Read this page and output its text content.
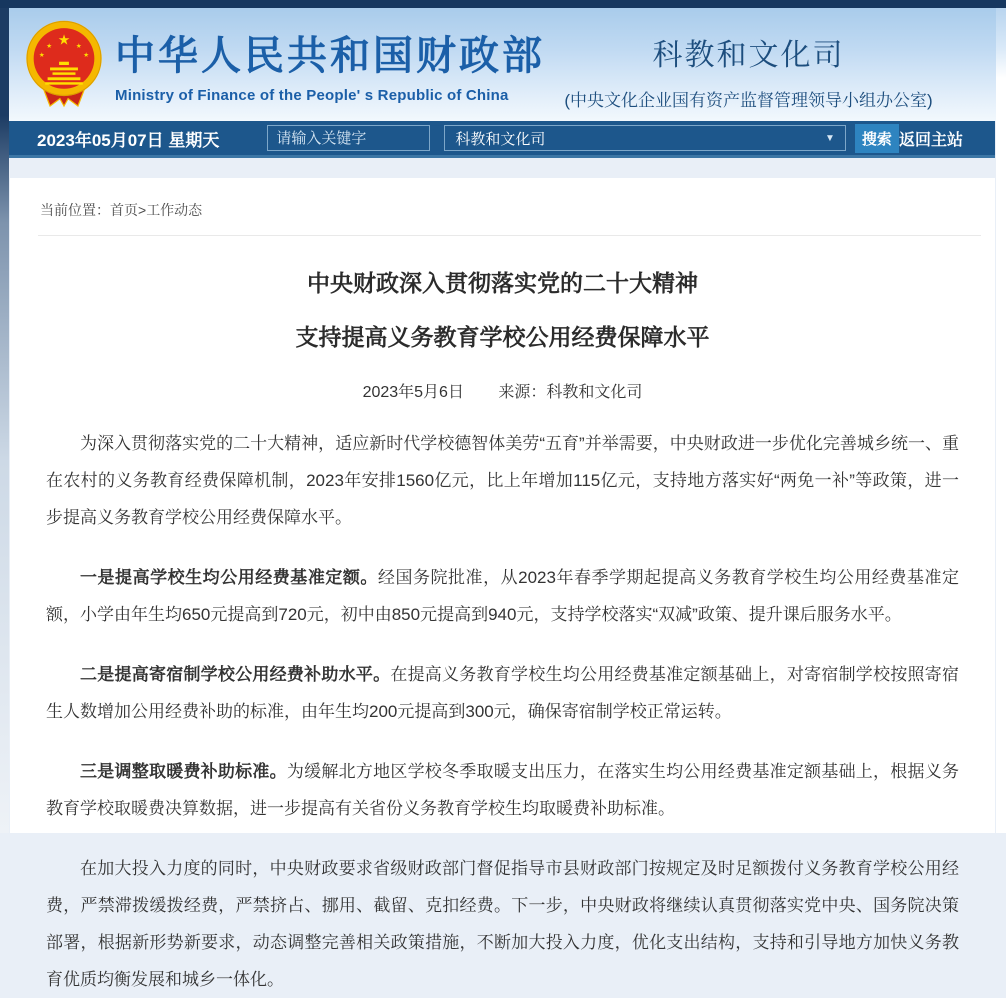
★
★
★
★
★ 中华人民共和国财政部
Ministry of Finance of the People' s Republic of China
科教和文化司
(中央文化企业国有资产监督管理领导小组办公室)
2023年05月07日 星期天
请输入关键字	科教和文化司	▼	搜索 返回主站
当前位置：首页>工作动态
中央财政深入贯彻落实党的二十大精神
支持提高义务教育学校公用经费保障水平
2023年5月6日 来源：科教和文化司

为深入贯彻落实党的二十大精神，适应新时代学校德智体美劳“五育”并举需要，中央财政进一步优化完善城乡统一、重在农村的义务教育经费保障机制，2023年安排1560亿元，比上年增加115亿元，支持地方落实好“两免一补”等政策，进一步提高义务教育学校公用经费保障水平。

一是提高学校生均公用经费基准定额。经国务院批准，从2023年春季学期起提高义务教育学校生均公用经费基准定额，小学由年生均650元提高到720元，初中由850元提高到940元，支持学校落实“双减”政策、提升课后服务水平。

二是提高寄宿制学校公用经费补助水平。在提高义务教育学校生均公用经费基准定额基础上，对寄宿制学校按照寄宿生人数增加公用经费补助的标准，由年生均200元提高到300元，确保寄宿制学校正常运转。

三是调整取暖费补助标准。为缓解北方地区学校冬季取暖支出压力，在落实生均公用经费基准定额基础上，根据义务教育学校取暖费决算数据，进一步提高有关省份义务教育学校生均取暖费补助标准。

在加大投入力度的同时，中央财政要求省级财政部门督促指导市县财政部门按规定及时足额拨付义务教育学校公用经费，严禁滞拨缓拨经费，严禁挤占、挪用、截留、克扣经费。下一步，中央财政将继续认真贯彻落实党中央、国务院决策部署，根据新形势新要求，动态调整完善相关政策措施，不断加大投入力度，优化支出结构，支持和引导地方加快义务教育优质均衡发展和城乡一体化。
